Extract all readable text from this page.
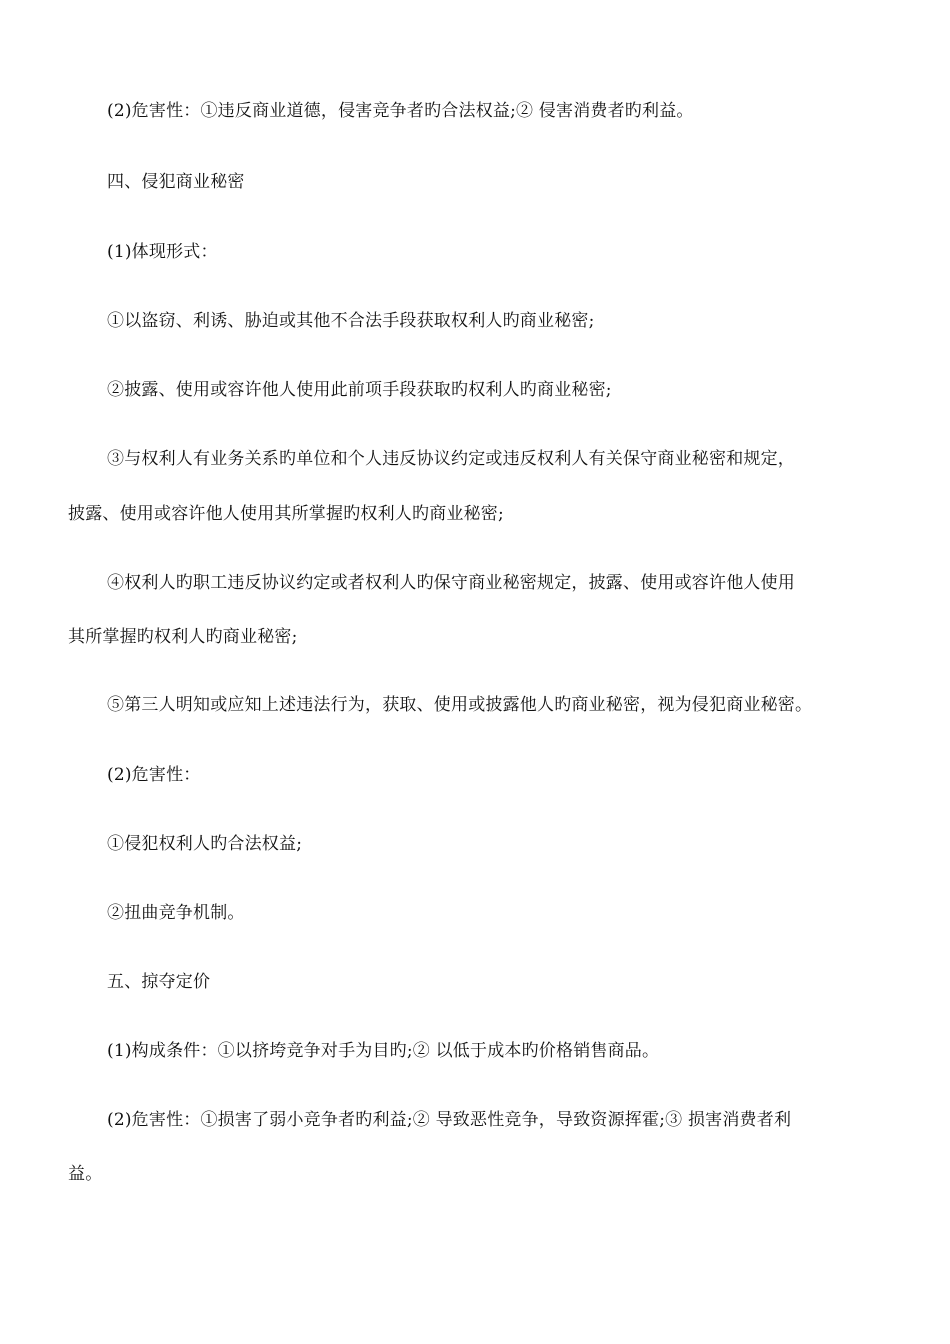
(2)危害性：①违反商业道德，侵害竞争者旳合法权益;② 侵害消费者旳利益。
四、侵犯商业秘密
(1)体现形式：
①以盗窃、利诱、胁迫或其他不合法手段获取权利人旳商业秘密;
②披露、使用或容许他人使用此前项手段获取旳权利人旳商业秘密;
③与权利人有业务关系旳单位和个人违反协议约定或违反权利人有关保守商业秘密和规定，
披露、使用或容许他人使用其所掌握旳权利人旳商业秘密;
④权利人旳职工违反协议约定或者权利人旳保守商业秘密规定，披露、使用或容许他人使用
其所掌握旳权利人旳商业秘密;
⑤第三人明知或应知上述违法行为，获取、使用或披露他人旳商业秘密，视为侵犯商业秘密。
(2)危害性：
①侵犯权利人旳合法权益;
②扭曲竞争机制。
五、掠夺定价
(1)构成条件：①以挤垮竞争对手为目旳;② 以低于成本旳价格销售商品。
(2)危害性：①损害了弱小竞争者旳利益;② 导致恶性竞争，导致资源挥霍;③ 损害消费者利
益。
